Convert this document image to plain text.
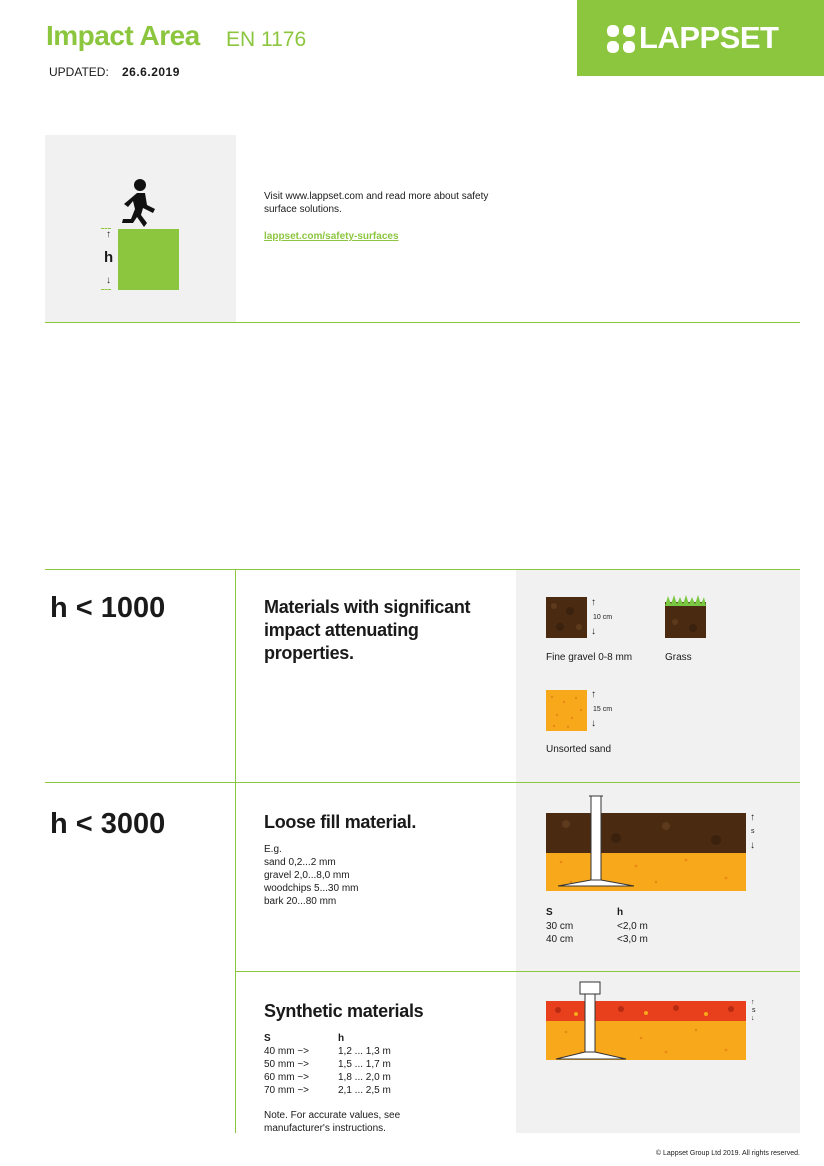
Impact Area EN 1176
UPDATED: 26.6.2019
LAPPSET
↑
h
↓
Visit www.lappset.com and read more about safety surface solutions.
lappset.com/safety-surfaces
h < 1000	Materials with significant impact attenuating properties.
↑
10 cm
↓
Fine gravel 0-8 mm	Grass
↑
15 cm
↓
Unsorted sand
h < 3000	Loose fill material.
E.g.
sand 0,2...2 mm
gravel 2,0...8,0 mm
woodchips 5...30 mm
bark 20...80 mm
↑
s
↓
S	h
30 cm	<2,0 m
40 cm	<3,0 m
Synthetic materials
S	h
40 mm ~>	1,2 ... 1,3 m
50 mm ~>	1,5 ... 1,7 m
60 mm ~>	1,8 ... 2,0 m
70 mm ~>	2,1 ... 2,5 m
Note. For accurate values, see manufacturer's instructions.
↑
s
↓
© Lappset Group Ltd 2019. All rights reserved.
